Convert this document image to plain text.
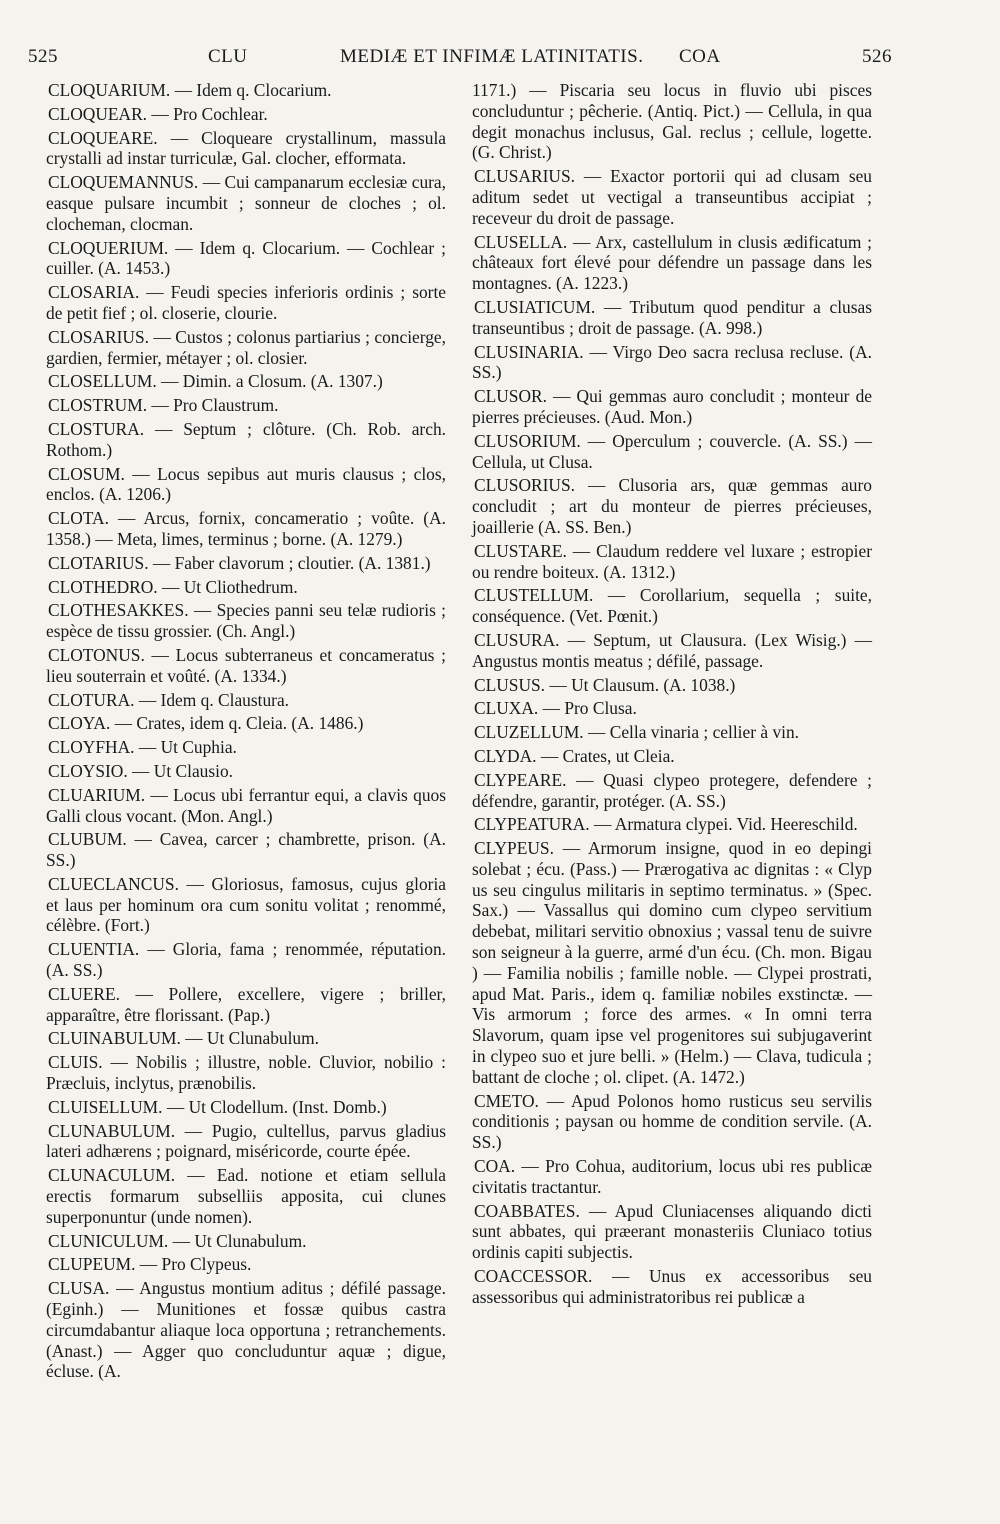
525	CLU	MEDIÆ ET INFIMÆ LATINITATIS. COA	526

CLOQUARIUM. — Idem q. Clocarium.

CLOQUEAR. — Pro Cochlear.

CLOQUEARE. — Cloqueare crystallinum, massula crystalli ad instar turriculæ, Gal. clocher, efformata.

CLOQUEMANNUS. — Cui campanarum ecclesiæ cura, easque pulsare incumbit ; sonneur de cloches ; ol. clocheman, clocman.

CLOQUERIUM. — Idem q. Clocarium. — Cochlear ; cuiller. (A. 1453.)

CLOSARIA. — Feudi species inferioris ordinis ; sorte de petit fief ; ol. closerie, clourie.

CLOSARIUS. — Custos ; colonus partiarius ; concierge, gardien, fermier, métayer ; ol. closier.

CLOSELLUM. — Dimin. a Closum. (A. 1307.)

CLOSTRUM. — Pro Claustrum.

CLOSTURA. — Septum ; clôture. (Ch. Rob. arch. Rothom.)

CLOSUM. — Locus sepibus aut muris clausus ; clos, enclos. (A. 1206.)

CLOTA. — Arcus, fornix, concameratio ; voûte. (A. 1358.) — Meta, limes, terminus ; borne. (A. 1279.)

CLOTARIUS. — Faber clavorum ; cloutier. (A. 1381.)

CLOTHEDRO. — Ut Cliothedrum.

CLOTHESAKKES. — Species panni seu telæ rudioris ; espèce de tissu grossier. (Ch. Angl.)

CLOTONUS. — Locus subterraneus et concameratus ; lieu souterrain et voûté. (A. 1334.)

CLOTURA. — Idem q. Claustura.

CLOYA. — Crates, idem q. Cleia. (A. 1486.)

CLOYFHA. — Ut Cuphia.

CLOYSIO. — Ut Clausio.

CLUARIUM. — Locus ubi ferrantur equi, a clavis quos Galli clous vocant. (Mon. Angl.)

CLUBUM. — Cavea, carcer ; chambrette, prison. (A. SS.)

CLUECLANCUS. — Gloriosus, famosus, cujus gloria et laus per hominum ora cum sonitu volitat ; renommé, célèbre. (Fort.)

CLUENTIA. — Gloria, fama ; renommée, réputation. (A. SS.)

CLUERE. — Pollere, excellere, vigere ; briller, apparaître, être florissant. (Pap.)

CLUINABULUM. — Ut Clunabulum.

CLUIS. — Nobilis ; illustre, noble. Cluvior, nobilio : Præcluis, inclytus, prænobilis.

CLUISELLUM. — Ut Clodellum. (Inst. Domb.)

CLUNABULUM. — Pugio, cultellus, parvus gladius lateri adhærens ; poignard, miséricorde, courte épée.

CLUNACULUM. — Ead. notione et etiam sellula erectis formarum subselliis apposita, cui clunes superponuntur (unde nomen).

CLUNICULUM. — Ut Clunabulum.

CLUPEUM. — Pro Clypeus.

CLUSA. — Angustus montium aditus ; défilé passage. (Eginh.) — Munitiones et fossæ quibus castra circumdabantur aliaque loca opportuna ; retranchements. (Anast.) — Agger quo concluduntur aquæ ; digue, écluse. (A.

1171.) — Piscaria seu locus in fluvio ubi pisces concluduntur ; pêcherie. (Antiq. Pict.) — Cellula, in qua degit monachus inclusus, Gal. reclus ; cellule, logette. (G. Christ.)

CLUSARIUS. — Exactor portorii qui ad clusam seu aditum sedet ut vectigal a transeuntibus accipiat ; receveur du droit de passage.

CLUSELLA. — Arx, castellulum in clusis ædificatum ; châteaux fort élevé pour défendre un passage dans les montagnes. (A. 1223.)

CLUSIATICUM. — Tributum quod penditur a clusas transeuntibus ; droit de passage. (A. 998.)

CLUSINARIA. — Virgo Deo sacra reclusa recluse. (A. SS.)

CLUSOR. — Qui gemmas auro concludit ; monteur de pierres précieuses. (Aud. Mon.)

CLUSORIUM. — Operculum ; couvercle. (A. SS.) — Cellula, ut Clusa.

CLUSORIUS. — Clusoria ars, quæ gemmas auro concludit ; art du monteur de pierres précieuses, joaillerie (A. SS. Ben.)

CLUSTARE. — Claudum reddere vel luxare ; estropier ou rendre boiteux. (A. 1312.)

CLUSTELLUM. — Corollarium, sequella ; suite, conséquence. (Vet. Pœnit.)

CLUSURA. — Septum, ut Clausura. (Lex Wisig.) — Angustus montis meatus ; défilé, passage.

CLUSUS. — Ut Clausum. (A. 1038.)

CLUXA. — Pro Clusa.

CLUZELLUM. — Cella vinaria ; cellier à vin.

CLYDA. — Crates, ut Cleia.

CLYPEARE. — Quasi clypeo protegere, defendere ; défendre, garantir, protéger. (A. SS.)

CLYPEATURA. — Armatura clypei. Vid. Heereschild.

CLYPEUS. — Armorum insigne, quod in eo depingi solebat ; écu. (Pass.) — Prærogativa ac dignitas : « Clyp us seu cingulus militaris in septimo terminatus. » (Spec. Sax.) — Vassallus qui domino cum clypeo servitium debebat, militari servitio obnoxius ; vassal tenu de suivre son seigneur à la guerre, armé d'un écu. (Ch. mon. Bigau ) — Familia nobilis ; famille noble. — Clypei prostrati, apud Mat. Paris., idem q. familiæ nobiles exstinctæ. — Vis armorum ; force des armes. « In omni terra Slavorum, quam ipse vel progenitores sui subjugaverint in clypeo suo et jure belli. » (Helm.) — Clava, tudicula ; battant de cloche ; ol. clipet. (A. 1472.)

CMETO. — Apud Polonos homo rusticus seu servilis conditionis ; paysan ou homme de condition servile. (A. SS.)

COA. — Pro Cohua, auditorium, locus ubi res publicæ civitatis tractantur.

COABBATES. — Apud Cluniacenses aliquando dicti sunt abbates, qui præerant monasteriis Cluniaco totius ordinis capiti subjectis.

COACCESSOR. — Unus ex accessoribus seu assessoribus qui administratoribus rei publicæ a
